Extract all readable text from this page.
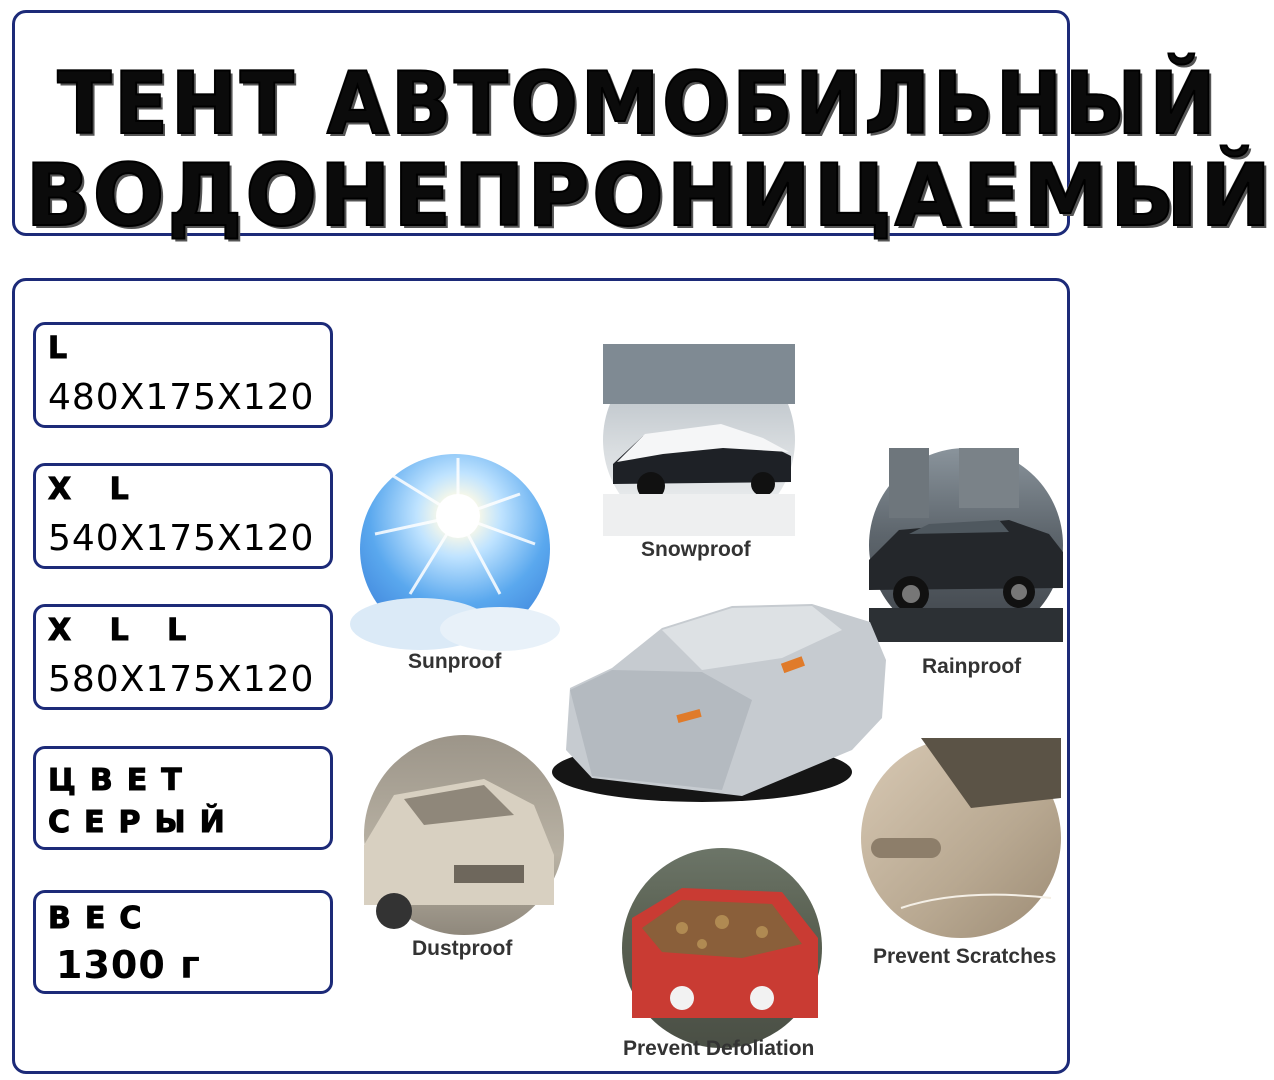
ТЕНТ АВТОМОБИЛЬНЫЙ
ВОДОНЕПРОНИЦАЕМЫЙ
L
480X175X120
X L
540X175X120
X L L
580X175X120
ЦВЕТ
СЕРЫЙ
ВЕС
1300 г
Sunproof
Snowproof
Rainproof
Dustproof
Prevent Defoliation
Prevent Scratches
